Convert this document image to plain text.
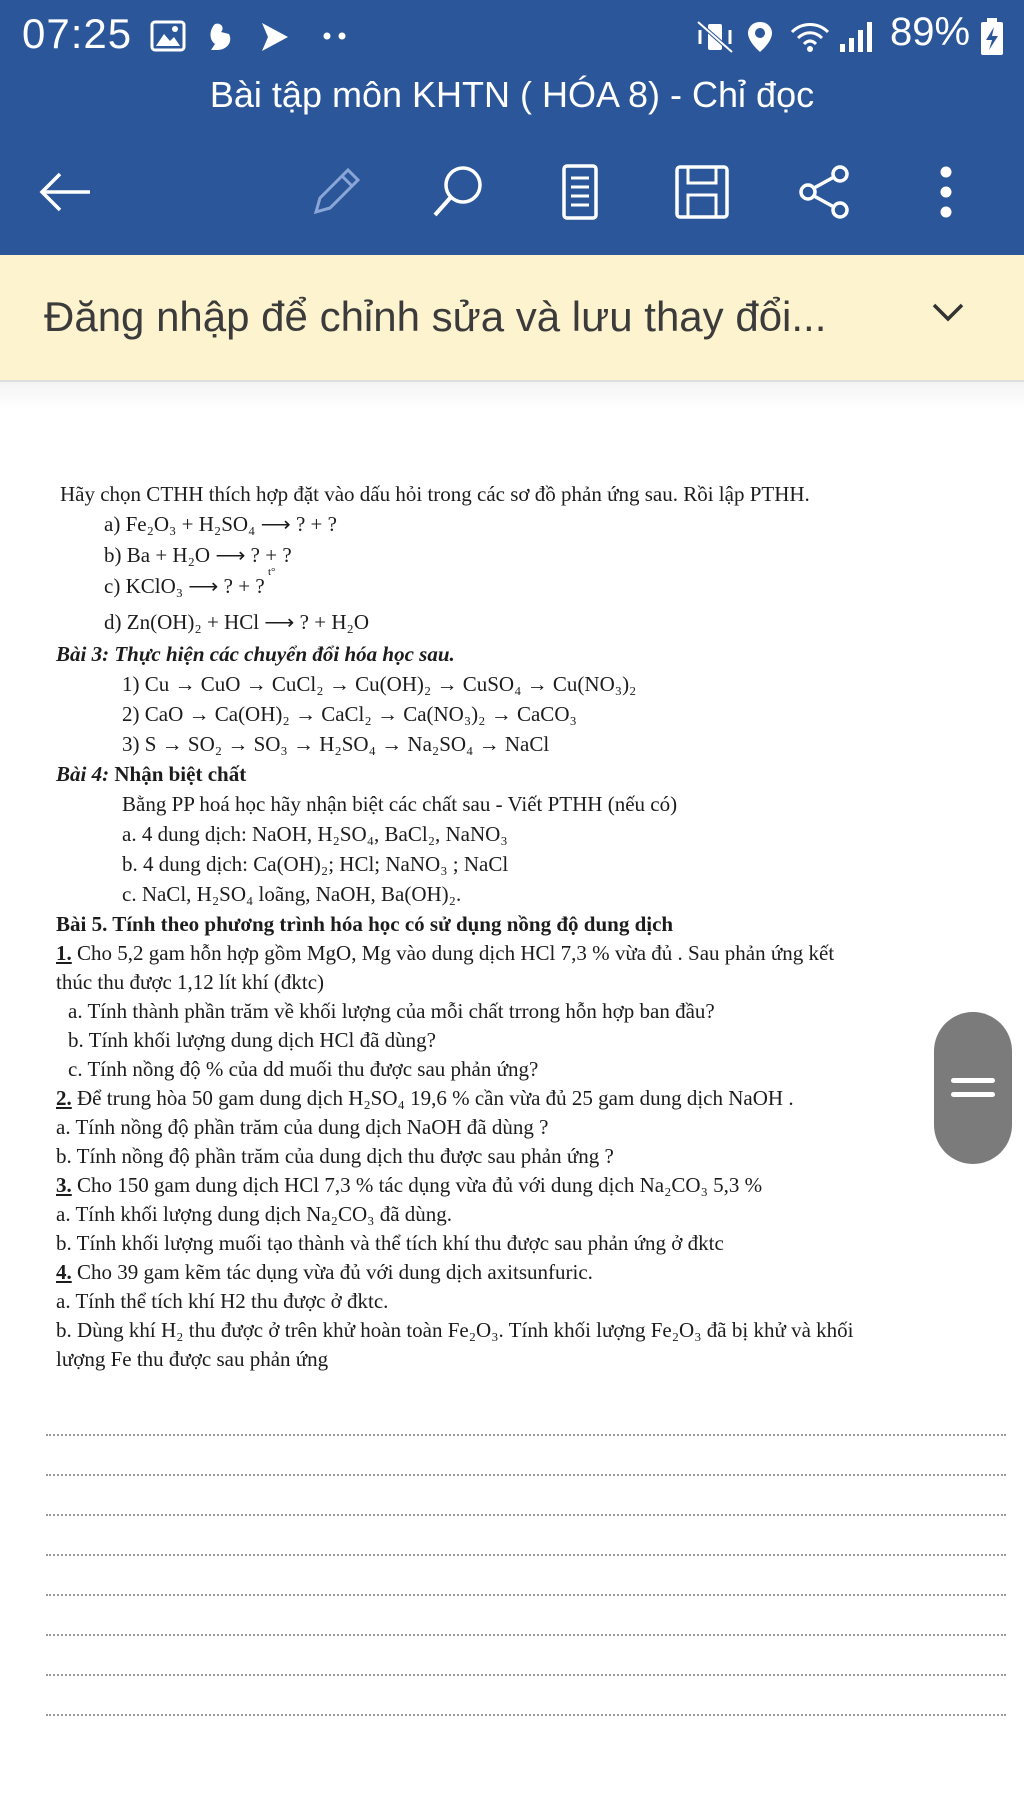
07:25	89%
Bài tập môn KHTN ( HÓA 8) - Chỉ đọc
Đăng nhập để chỉnh sửa và lưu thay đổi...
Hãy chọn CTHH thích hợp đặt vào dấu hỏi trong các sơ đồ phản ứng sau. Rồi lập PTHH.
a) Fe₂O₃ + H₂SO₄ ⟶ ? + ?
b) Ba + H₂O ⟶ ? + ?
c) KClO₃ ⟶ ? + ?
t°
d) Zn(OH)₂ + HCl ⟶ ? + H₂O
Bài 3: Thực hiện các chuyển đổi hóa học sau.
1) Cu → CuO → CuCl₂ → Cu(OH)₂ → CuSO₄ → Cu(NO₃)₂
2) CaO → Ca(OH)₂ → CaCl₂ → Ca(NO₃)₂ → CaCO₃
3) S → SO₂ → SO₃ → H₂SO₄ → Na₂SO₄ → NaCl
Bài 4: Nhận biệt chất
Bằng PP hoá học hãy nhận biệt các chất sau - Viết PTHH (nếu có)
a. 4 dung dịch: NaOH, H₂SO₄, BaCl₂, NaNO₃
b. 4 dung dịch: Ca(OH)₂; HCl; NaNO₃ ; NaCl
c. NaCl, H₂SO₄ loãng, NaOH, Ba(OH)₂.
Bài 5. Tính theo phương trình hóa học có sử dụng nồng độ dung dịch
1. Cho 5,2 gam hỗn hợp gồm MgO, Mg vào dung dịch HCl 7,3 % vừa đủ . Sau phản ứng kết
thúc thu được 1,12 lít khí (đktc)
a. Tính thành phần trăm về khối lượng của mỗi chất trrong hỗn hợp ban đầu?
b. Tính khối lượng dung dịch HCl đã dùng?
c. Tính nồng độ % của dd muối thu được sau phản ứng?
2. Để trung hòa 50 gam dung dịch H₂SO₄ 19,6 % cần vừa đủ 25 gam dung dịch NaOH .
a. Tính nồng độ phần trăm của dung dịch NaOH đã dùng ?
b. Tính nồng độ phần trăm của dung dịch thu được sau phản ứng ?
3. Cho 150 gam dung dịch HCl 7,3 % tác dụng vừa đủ với dung dịch Na₂CO₃ 5,3 %
a. Tính khối lượng dung dịch Na₂CO₃ đã dùng.
b. Tính khối lượng muối tạo thành và thể tích khí thu được sau phản ứng ở đktc
4. Cho 39 gam kẽm tác dụng vừa đủ với dung dịch axitsunfuric.
a. Tính thể tích khí H2 thu được ở đktc.
b. Dùng khí H₂ thu được ở trên khử hoàn toàn Fe₂O₃. Tính khối lượng Fe₂O₃ đã bị khử và khối
lượng Fe thu được sau phản ứng
